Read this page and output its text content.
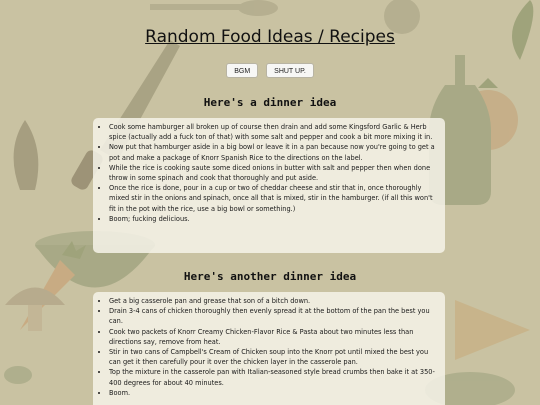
Random Food Ideas / Recipes
BGM	SHUT UP.
Here's a dinner idea
• Cook some hamburger all broken up of course then drain and add some Kingsford Garlic & Herb spice (actually add a fuck ton of that) with some salt and pepper and cook a bit more mixing it in.
• Now put that hamburger aside in a big bowl or leave it in a pan because now you're going to get a pot and make a package of Knorr Spanish Rice to the directions on the label.
• While the rice is cooking saute some diced onions in butter with salt and pepper then when done throw in some spinach and cook that thoroughly and put aside.
• Once the rice is done, pour in a cup or two of cheddar cheese and stir that in, once thoroughly mixed stir in the onions and spinach, once all that is mixed, stir in the hamburger. (if all this won't fit in the pot with the rice, use a big bowl or something.)
• Boom; fucking delicious.
Here's another dinner idea
• Get a big casserole pan and grease that son of a bitch down.
• Drain 3-4 cans of chicken thoroughly then evenly spread it at the bottom of the pan the best you can.
• Cook two packets of Knorr Creamy Chicken-Flavor Rice & Pasta about two minutes less than directions say, remove from heat.
• Stir in two cans of Campbell's Cream of Chicken soup into the Knorr pot until mixed the best you can get it then carefully pour it over the chicken layer in the casserole pan.
• Top the mixture in the casserole pan with Italian-seasoned style bread crumbs then bake it at 350-400 degrees for about 40 minutes.
• Boom.
